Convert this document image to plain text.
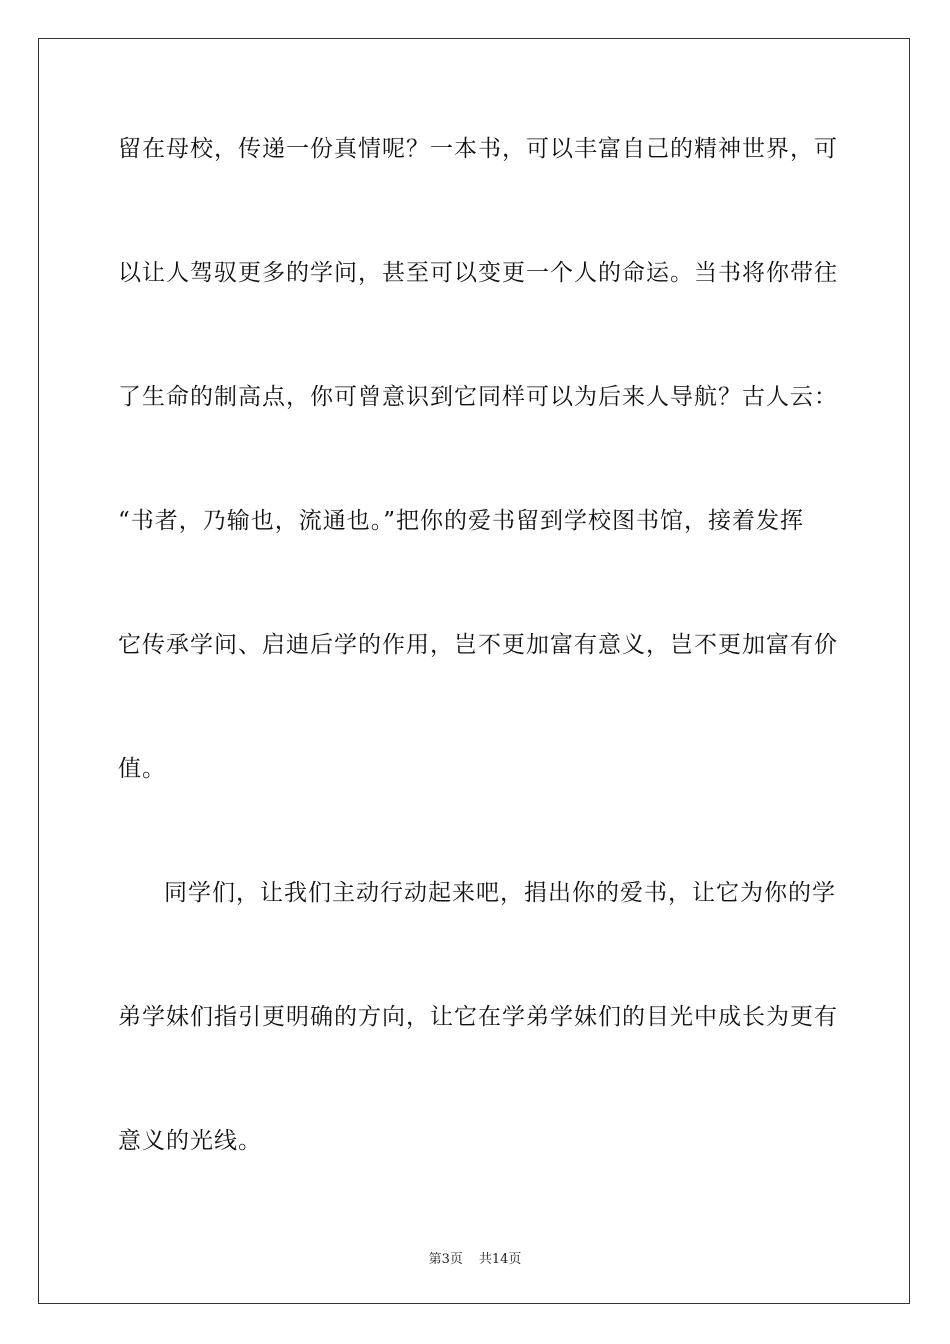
留在母校，传递一份真情呢？一本书，可以丰富自己的精神世界，可
以让人驾驭更多的学问，甚至可以变更一个人的命运。当书将你带往
了生命的制高点，你可曾意识到它同样可以为后来人导航？古人云：
“书者，乃输也，流通也。”把你的爱书留到学校图书馆，接着发挥
它传承学问、启迪后学的作用，岂不更加富有意义，岂不更加富有价
值。
同学们，让我们主动行动起来吧，捐出你的爱书，让它为你的学
弟学妹们指引更明确的方向，让它在学弟学妹们的目光中成长为更有
意义的光线。
第3页 共14页
